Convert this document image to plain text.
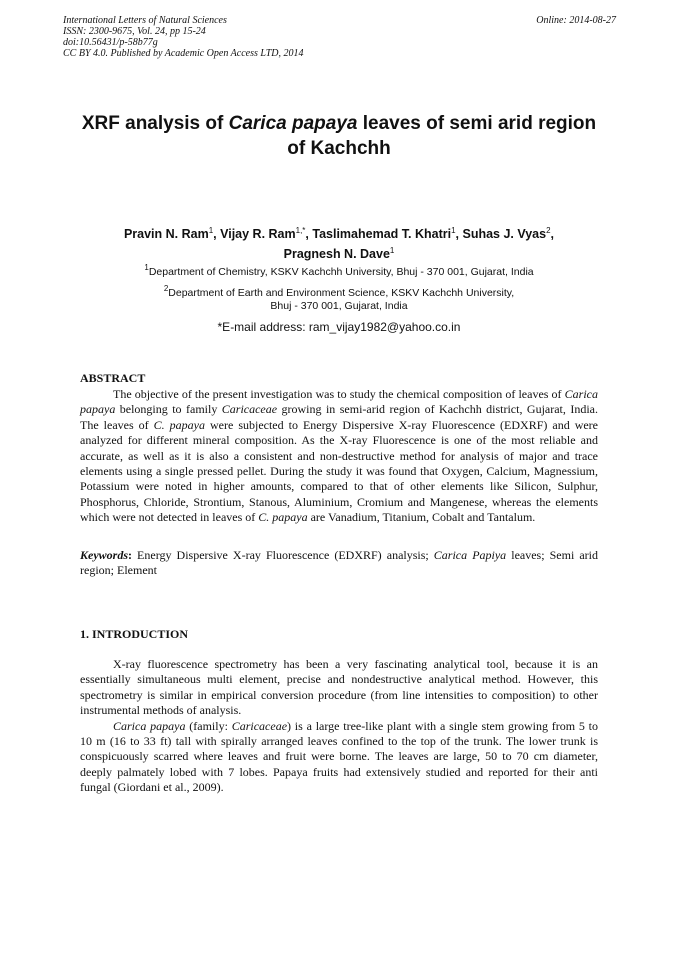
International Letters of Natural Sciences
ISSN: 2300-9675, Vol. 24, pp 15-24
doi:10.56431/p-58b77g
CC BY 4.0. Published by Academic Open Access LTD, 2014
Online: 2014-08-27
XRF analysis of Carica papaya leaves of semi arid region of Kachchh
Pravin N. Ram$^1$, Vijay R. Ram$^{1,*}$, Taslimahemad T. Khatri$^1$, Suhas J. Vyas$^2$,
Pragnesh N. Dave$^1$
$^1$Department of Chemistry, KSKV Kachchh University, Bhuj - 370 001, Gujarat, India
$^2$Department of Earth and Environment Science, KSKV Kachchh University,
Bhuj - 370 001, Gujarat, India
*E-mail address: ram_vijay1982@yahoo.co.in
ABSTRACT

The objective of the present investigation was to study the chemical composition of leaves of Carica papaya belonging to family Caricaceae growing in semi-arid region of Kachchh district, Gujarat, India. The leaves of C. papaya were subjected to Energy Dispersive X-ray Fluorescence (EDXRF) and were analyzed for different mineral composition. As the X-ray Fluorescence is one of the most reliable and accurate, as well as it is also a consistent and non-destructive method for analysis of major and trace elements using a single pressed pellet. During the study it was found that Oxygen, Calcium, Magnessium, Potassium were noted in higher amounts, compared to that of other elements like Silicon, Sulphur, Phosphorus, Chloride, Strontium, Stanous, Aluminium, Cromium and Mangenese, whereas the elements which were not detected in leaves of C. papaya are Vanadium, Titanium, Cobalt and Tantalum.

Keywords: Energy Dispersive X-ray Fluorescence (EDXRF) analysis; Carica Papiya leaves; Semi arid region; Element
1. INTRODUCTION

X-ray fluorescence spectrometry has been a very fascinating analytical tool, because it is an essentially simultaneous multi element, precise and nondestructive analytical method. However, this spectrometry is similar in empirical conversion procedure (from line intensities to composition) to other instrumental methods of analysis.

Carica papaya (family: Caricaceae) is a large tree-like plant with a single stem growing from 5 to 10 m (16 to 33 ft) tall with spirally arranged leaves confined to the top of the trunk. The lower trunk is conspicuously scarred where leaves and fruit were borne. The leaves are large, 50 to 70 cm diameter, deeply palmately lobed with 7 lobes. Papaya fruits had extensively studied and reported for their anti fungal (Giordani et al., 2009).
